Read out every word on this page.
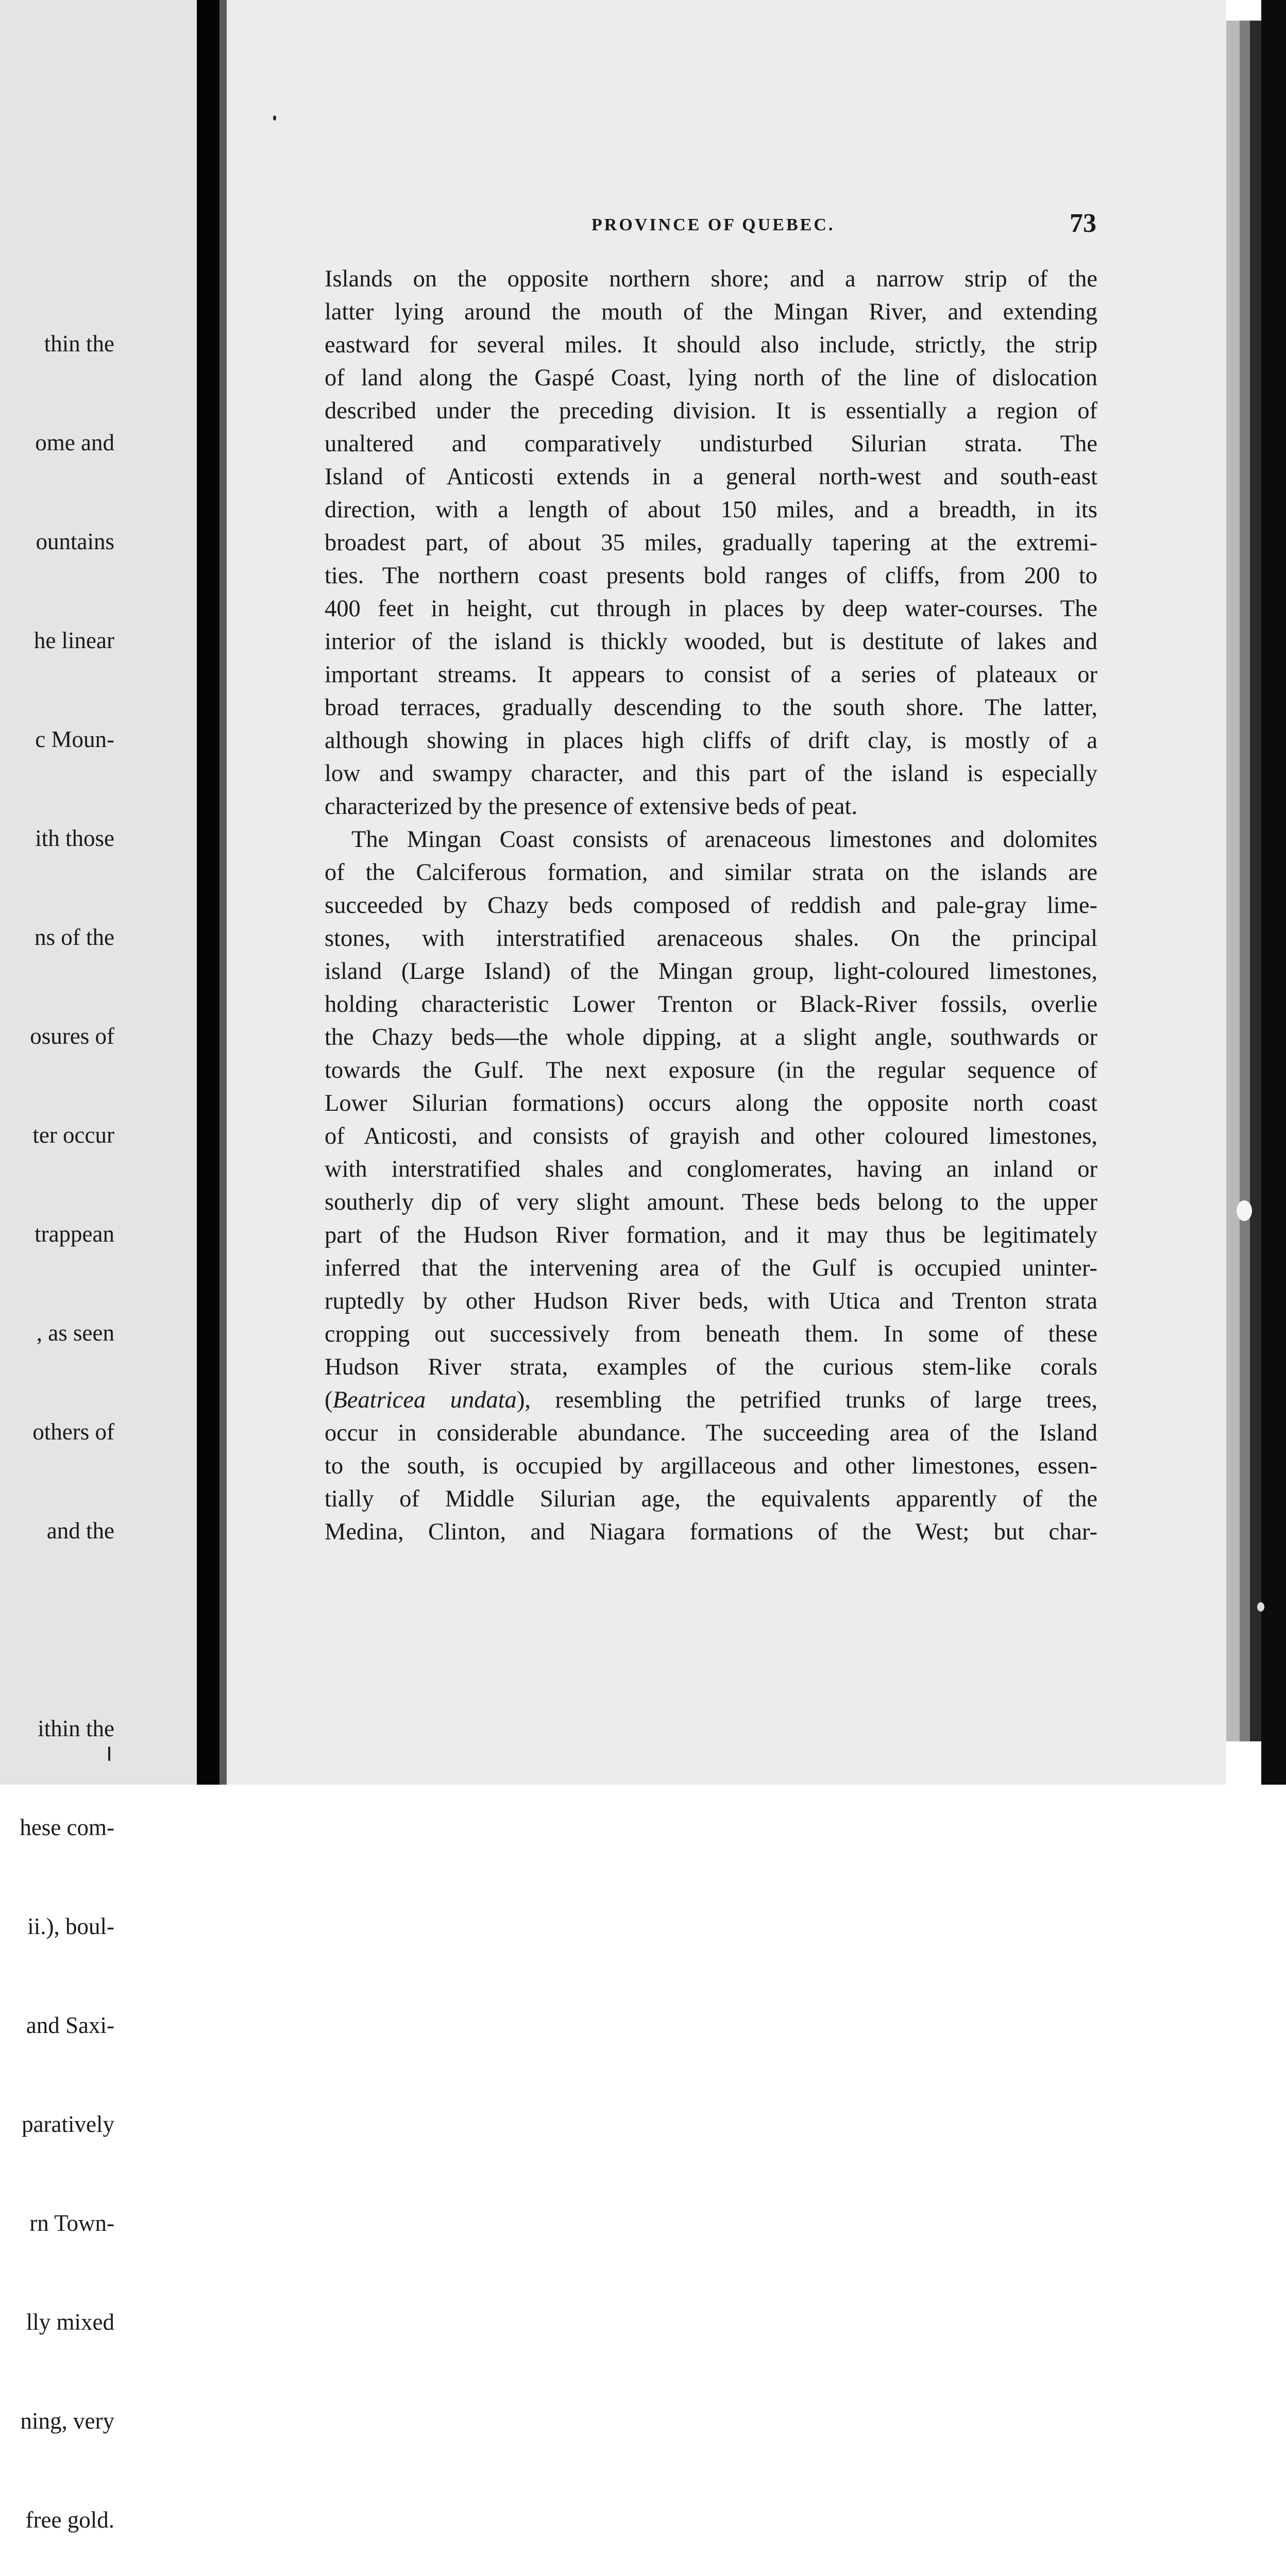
thin the

ome and

ountains

he linear

c Moun-

ith those

ns of the

osures of

ter occur

trappean

, as seen

others of

and the

ithin the

hese com-

ii.), boul-

and Saxi-

paratively

rn Town-

lly mixed

ning, very

free gold.

PROVINCE OF QUEBEC.	73
Islands on the opposite northern shore; and a narrow strip of the
latter lying around the mouth of the Mingan River, and extending
eastward for several miles. It should also include, strictly, the strip
of land along the Gaspé Coast, lying north of the line of dislocation
described under the preceding division. It is essentially a region of
unaltered and comparatively undisturbed Silurian strata. The
Island of Anticosti extends in a general north-west and south-east
direction, with a length of about 150 miles, and a breadth, in its
broadest part, of about 35 miles, gradually tapering at the extremi-
ties. The northern coast presents bold ranges of cliffs, from 200 to
400 feet in height, cut through in places by deep water-courses. The
interior of the island is thickly wooded, but is destitute of lakes and
important streams. It appears to consist of a series of plateaux or
broad terraces, gradually descending to the south shore. The latter,
although showing in places high cliffs of drift clay, is mostly of a
low and swampy character, and this part of the island is especially
characterized by the presence of extensive beds of peat.
The Mingan Coast consists of arenaceous limestones and dolomites
of the Calciferous formation, and similar strata on the islands are
succeeded by Chazy beds composed of reddish and pale-gray lime-
stones, with interstratified arenaceous shales. On the principal
island (Large Island) of the Mingan group, light-coloured limestones,
holding characteristic Lower Trenton or Black-River fossils, overlie
the Chazy beds—the whole dipping, at a slight angle, southwards or
towards the Gulf. The next exposure (in the regular sequence of
Lower Silurian formations) occurs along the opposite north coast
of Anticosti, and consists of grayish and other coloured limestones,
with interstratified shales and conglomerates, having an inland or
southerly dip of very slight amount. These beds belong to the upper
part of the Hudson River formation, and it may thus be legitimately
inferred that the intervening area of the Gulf is occupied uninter-
ruptedly by other Hudson River beds, with Utica and Trenton strata
cropping out successively from beneath them. In some of these
Hudson River strata, examples of the curious stem-like corals
(Beatricea undata), resembling the petrified trunks of large trees,
occur in considerable abundance. The succeeding area of the Island
to the south, is occupied by argillaceous and other limestones, essen-
tially of Middle Silurian age, the equivalents apparently of the
Medina, Clinton, and Niagara formations of the West; but char-
